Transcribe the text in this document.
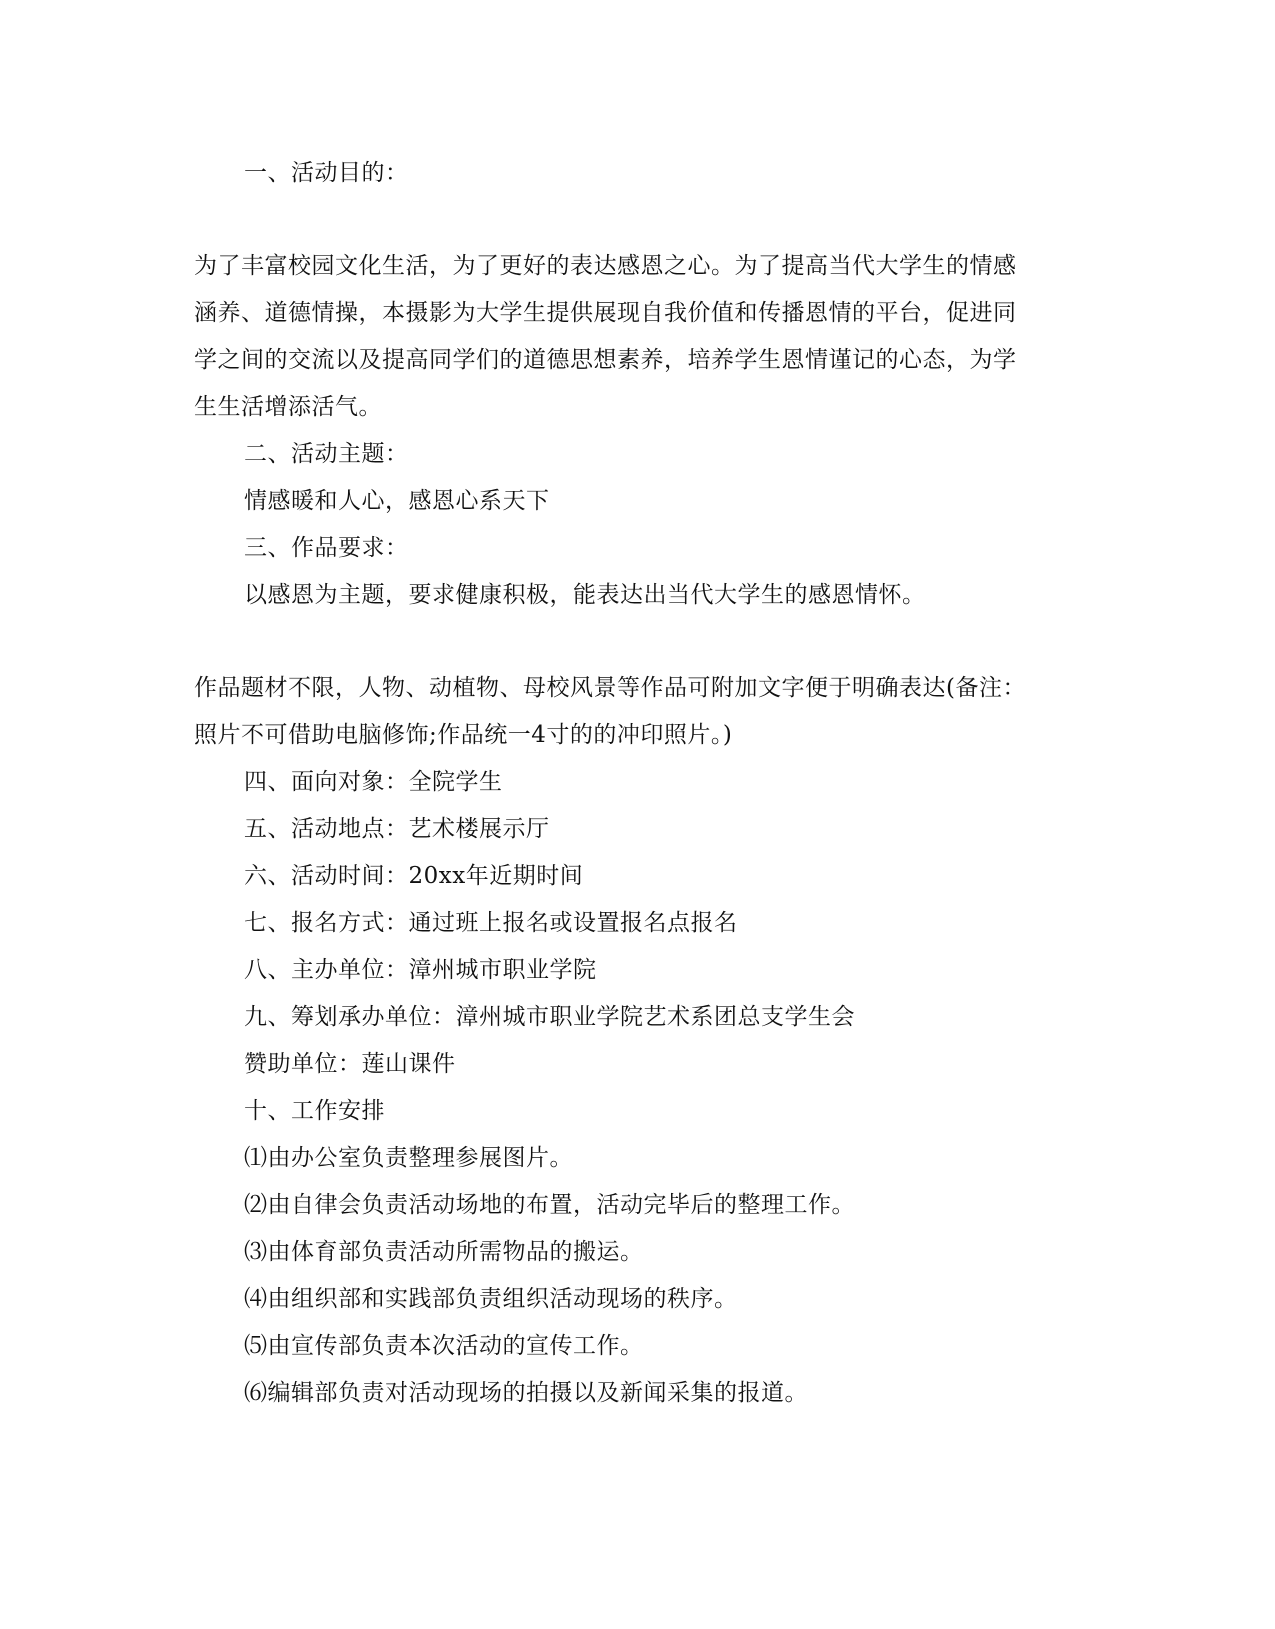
一、活动目的：
为了丰富校园文化生活，为了更好的表达感恩之心。为了提高当代大学生的情感
涵养、道德情操，本摄影为大学生提供展现自我价值和传播恩情的平台，促进同
学之间的交流以及提高同学们的道德思想素养，培养学生恩情谨记的心态，为学
生生活增添活气。
二、活动主题：
情感暖和人心，感恩心系天下
三、作品要求：
以感恩为主题，要求健康积极，能表达出当代大学生的感恩情怀。
作品题材不限，人物、动植物、母校风景等作品可附加文字便于明确表达(备注：
照片不可借助电脑修饰;作品统一4寸的的冲印照片。)
四、面向对象：全院学生
五、活动地点：艺术楼展示厅
六、活动时间：20xx年近期时间
七、报名方式：通过班上报名或设置报名点报名
八、主办单位：漳州城市职业学院
九、筹划承办单位：漳州城市职业学院艺术系团总支学生会
赞助单位：莲山课件
十、工作安排
⑴由办公室负责整理参展图片。
⑵由自律会负责活动场地的布置，活动完毕后的整理工作。
⑶由体育部负责活动所需物品的搬运。
⑷由组织部和实践部负责组织活动现场的秩序。
⑸由宣传部负责本次活动的宣传工作。
⑹编辑部负责对活动现场的拍摄以及新闻采集的报道。
